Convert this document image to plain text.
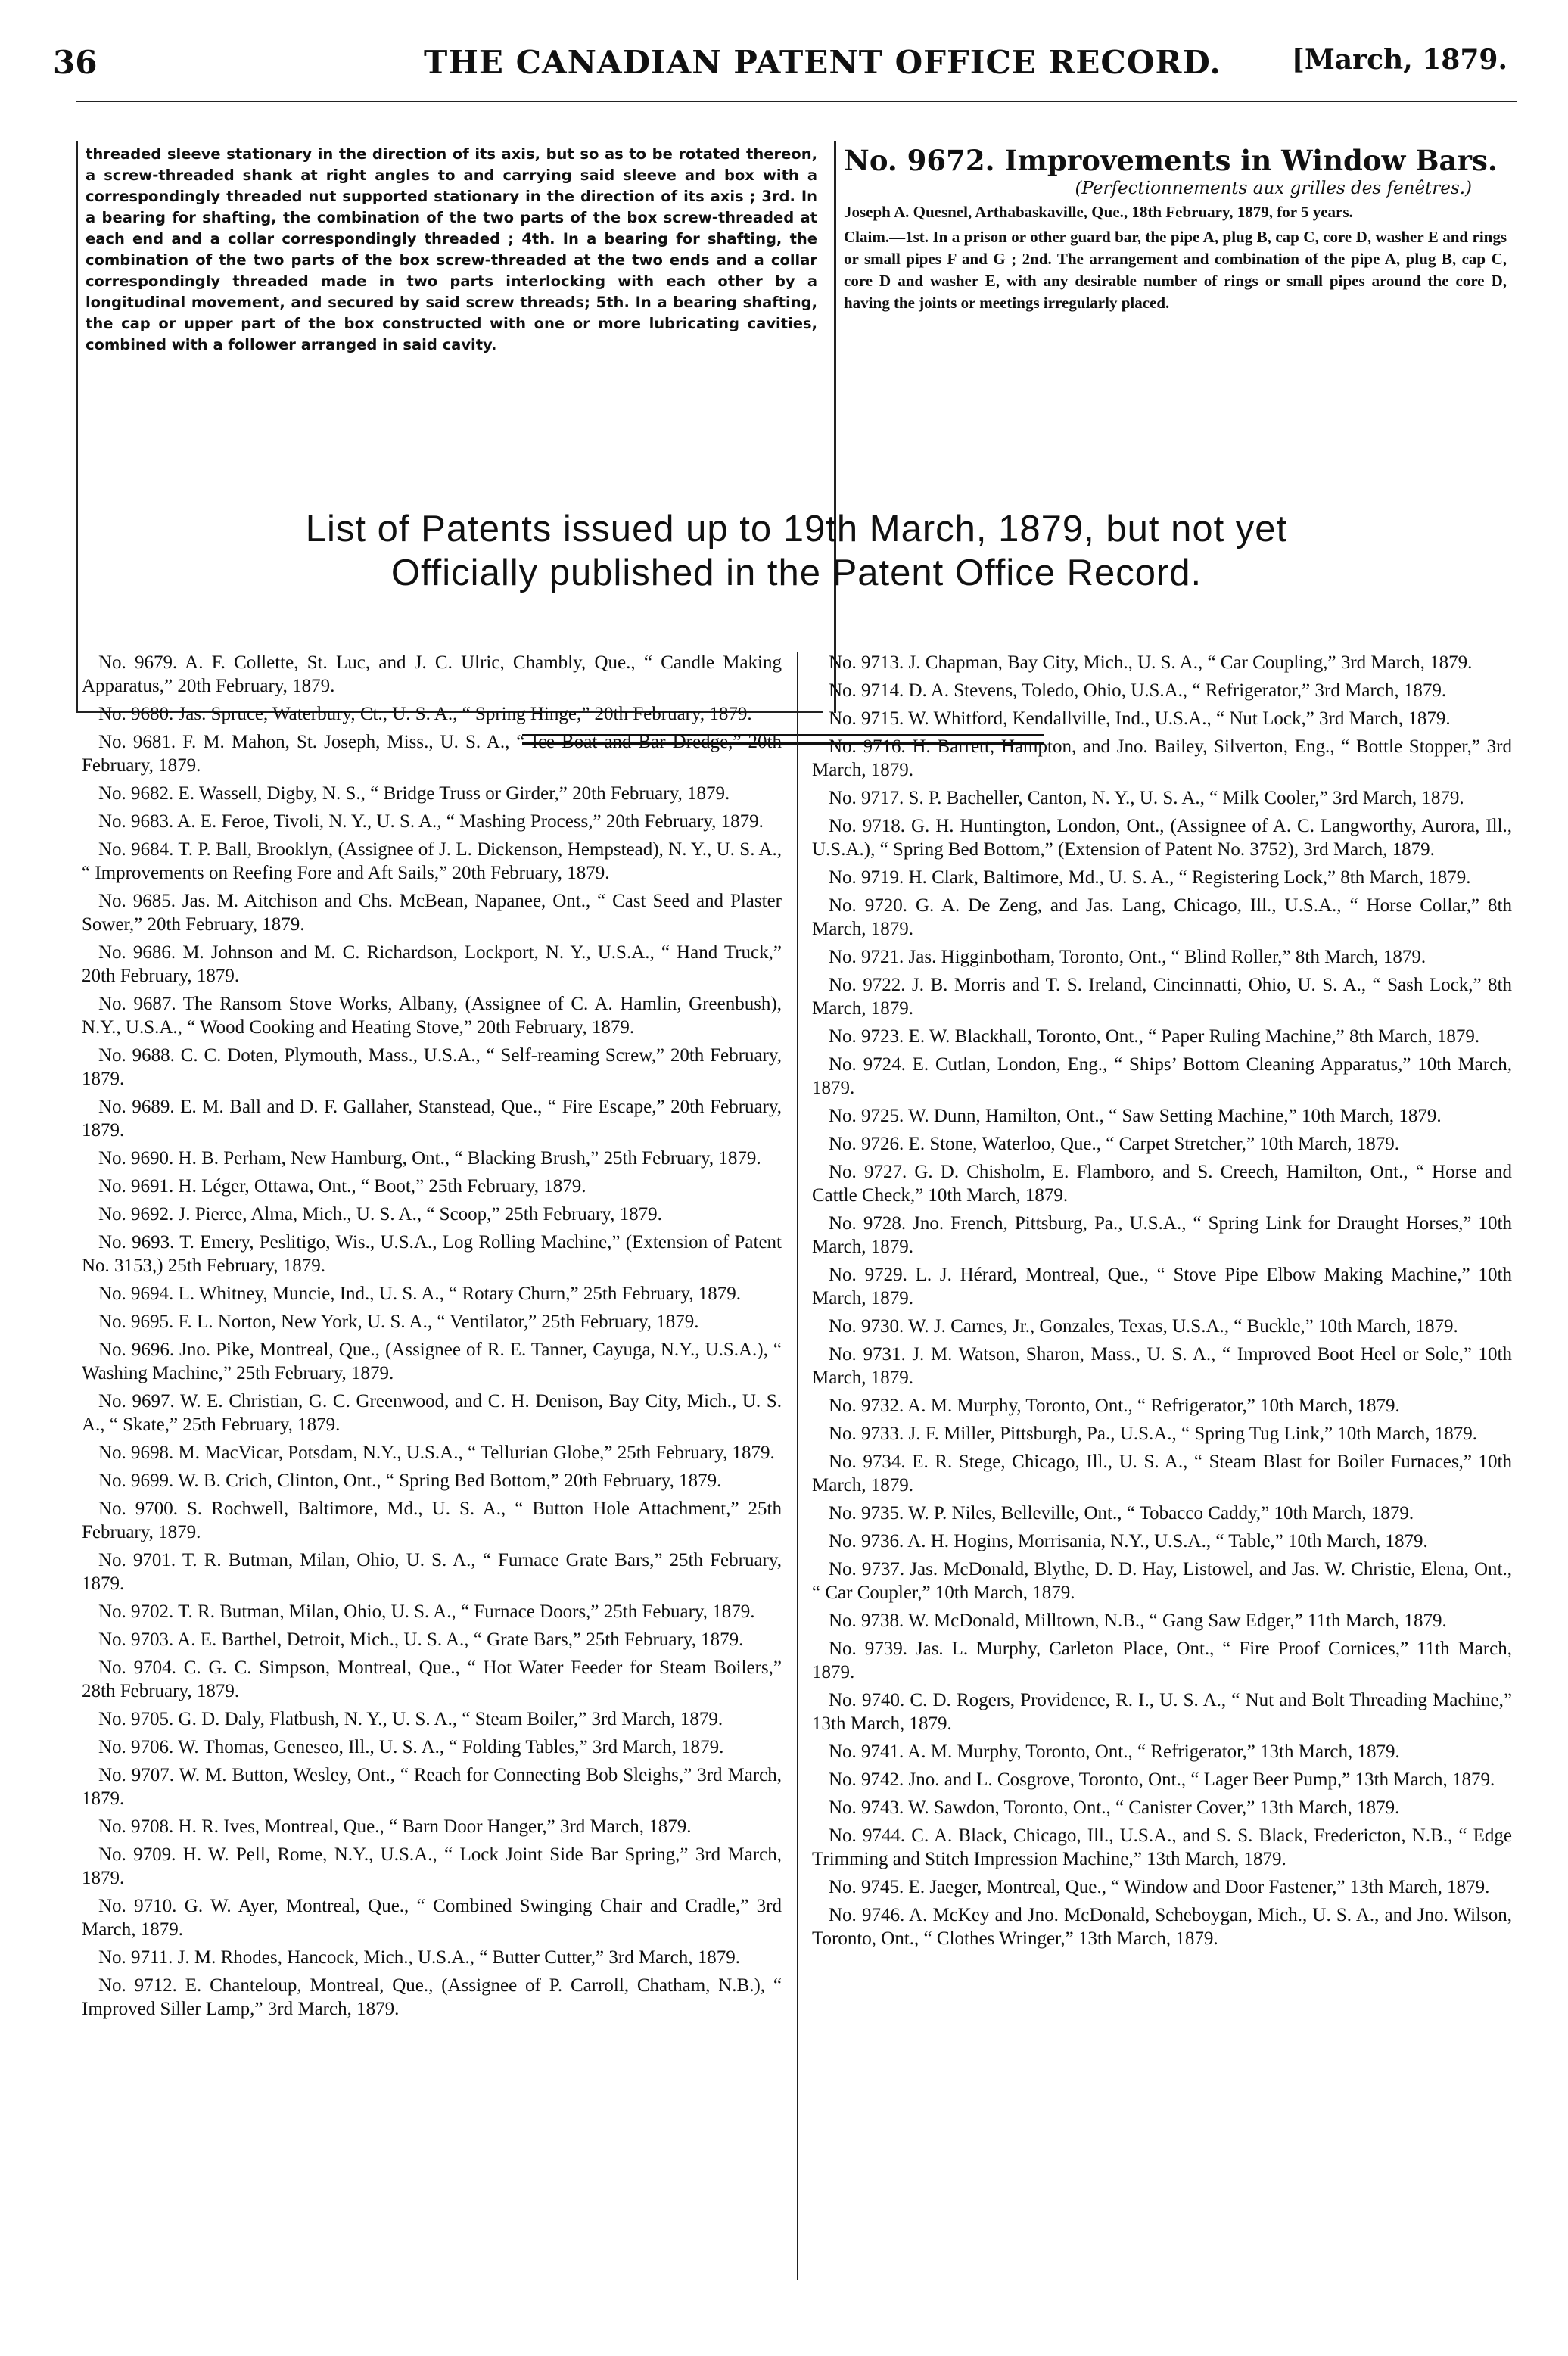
36	THE CANADIAN PATENT OFFICE RECORD.	[March, 1879.
threaded sleeve stationary in the direction of its axis, but so as to be rotated thereon, a screw-threaded shank at right angles to and carrying said sleeve and box with a correspondingly threaded nut supported stationary in the direction of its axis ; 3rd. In a bearing for shafting, the combination of the two parts of the box screw-threaded at each end and a collar correspondingly threaded ; 4th. In a bearing for shafting, the combination of the two parts of the box screw-threaded at the two ends and a collar correspondingly threaded made in two parts interlocking with each other by a longitudinal movement, and secured by said screw threads; 5th. In a bearing shafting, the cap or upper part of the box constructed with one or more lubricating cavities, combined with a follower arranged in said cavity.
No. 9672. Improvements in Window Bars.
(Perfectionnements aux grilles des fenêtres.)
Joseph A. Quesnel, Arthabaskaville, Que., 18th February, 1879, for 5 years.
Claim.—1st. In a prison or other guard bar, the pipe A, plug B, cap C, core D, washer E and rings or small pipes F and G ; 2nd. The arrangement and combination of the pipe A, plug B, cap C, core D and washer E, with any desirable number of rings or small pipes around the core D, having the joints or meetings irregularly placed.
List of Patents issued up to 19th March, 1879, but not yet
Officially published in the Patent Office Record.
No. 9679. A. F. Collette, St. Luc, and J. C. Ulric, Chambly, Que., “ Candle Making Apparatus,” 20th February, 1879.
No. 9680. Jas. Spruce, Waterbury, Ct., U. S. A., “ Spring Hinge,” 20th February, 1879.
No. 9681. F. M. Mahon, St. Joseph, Miss., U. S. A., “ Ice Boat and Bar Dredge,” 20th February, 1879.
No. 9682. E. Wassell, Digby, N. S., “ Bridge Truss or Girder,” 20th February, 1879.
No. 9683. A. E. Feroe, Tivoli, N. Y., U. S. A., “ Mashing Process,” 20th February, 1879.
No. 9684. T. P. Ball, Brooklyn, (Assignee of J. L. Dickenson, Hempstead), N. Y., U. S. A., “ Improvements on Reefing Fore and Aft Sails,” 20th February, 1879.
No. 9685. Jas. M. Aitchison and Chs. McBean, Napanee, Ont., “ Cast Seed and Plaster Sower,” 20th February, 1879.
No. 9686. M. Johnson and M. C. Richardson, Lockport, N. Y., U.S.A., “ Hand Truck,” 20th February, 1879.
No. 9687. The Ransom Stove Works, Albany, (Assignee of C. A. Hamlin, Greenbush), N.Y., U.S.A., “ Wood Cooking and Heating Stove,” 20th February, 1879.
No. 9688. C. C. Doten, Plymouth, Mass., U.S.A., “ Self-reaming Screw,” 20th February, 1879.
No. 9689. E. M. Ball and D. F. Gallaher, Stanstead, Que., “ Fire Escape,” 20th February, 1879.
No. 9690. H. B. Perham, New Hamburg, Ont., “ Blacking Brush,” 25th February, 1879.
No. 9691. H. Léger, Ottawa, Ont., “ Boot,” 25th February, 1879.
No. 9692. J. Pierce, Alma, Mich., U. S. A., “ Scoop,” 25th February, 1879.
No. 9693. T. Emery, Peslitigo, Wis., U.S.A., Log Rolling Machine,” (Extension of Patent No. 3153,) 25th February, 1879.
No. 9694. L. Whitney, Muncie, Ind., U. S. A., “ Rotary Churn,” 25th February, 1879.
No. 9695. F. L. Norton, New York, U. S. A., “ Ventilator,” 25th February, 1879.
No. 9696. Jno. Pike, Montreal, Que., (Assignee of R. E. Tanner, Cayuga, N.Y., U.S.A.), “ Washing Machine,” 25th February, 1879.
No. 9697. W. E. Christian, G. C. Greenwood, and C. H. Denison, Bay City, Mich., U. S. A., “ Skate,” 25th February, 1879.
No. 9698. M. MacVicar, Potsdam, N.Y., U.S.A., “ Tellurian Globe,” 25th February, 1879.
No. 9699. W. B. Crich, Clinton, Ont., “ Spring Bed Bottom,” 20th February, 1879.
No. 9700. S. Rochwell, Baltimore, Md., U. S. A., “ Button Hole Attachment,” 25th February, 1879.
No. 9701. T. R. Butman, Milan, Ohio, U. S. A., “ Furnace Grate Bars,” 25th February, 1879.
No. 9702. T. R. Butman, Milan, Ohio, U. S. A., “ Furnace Doors,” 25th Febuary, 1879.
No. 9703. A. E. Barthel, Detroit, Mich., U. S. A., “ Grate Bars,” 25th February, 1879.
No. 9704. C. G. C. Simpson, Montreal, Que., “ Hot Water Feeder for Steam Boilers,” 28th February, 1879.
No. 9705. G. D. Daly, Flatbush, N. Y., U. S. A., “ Steam Boiler,” 3rd March, 1879.
No. 9706. W. Thomas, Geneseo, Ill., U. S. A., “ Folding Tables,” 3rd March, 1879.
No. 9707. W. M. Button, Wesley, Ont., “ Reach for Connecting Bob Sleighs,” 3rd March, 1879.
No. 9708. H. R. Ives, Montreal, Que., “ Barn Door Hanger,” 3rd March, 1879.
No. 9709. H. W. Pell, Rome, N.Y., U.S.A., “ Lock Joint Side Bar Spring,” 3rd March, 1879.
No. 9710. G. W. Ayer, Montreal, Que., “ Combined Swinging Chair and Cradle,” 3rd March, 1879.
No. 9711. J. M. Rhodes, Hancock, Mich., U.S.A., “ Butter Cutter,” 3rd March, 1879.
No. 9712. E. Chanteloup, Montreal, Que., (Assignee of P. Carroll, Chatham, N.B.), “ Improved Siller Lamp,” 3rd March, 1879.
No. 9713. J. Chapman, Bay City, Mich., U. S. A., “ Car Coupling,” 3rd March, 1879.
No. 9714. D. A. Stevens, Toledo, Ohio, U.S.A., “ Refrigerator,” 3rd March, 1879.
No. 9715. W. Whitford, Kendallville, Ind., U.S.A., “ Nut Lock,” 3rd March, 1879.
No. 9716. H. Barrett, Hampton, and Jno. Bailey, Silverton, Eng., “ Bottle Stopper,” 3rd March, 1879.
No. 9717. S. P. Bacheller, Canton, N. Y., U. S. A., “ Milk Cooler,” 3rd March, 1879.
No. 9718. G. H. Huntington, London, Ont., (Assignee of A. C. Langworthy, Aurora, Ill., U.S.A.), “ Spring Bed Bottom,” (Extension of Patent No. 3752), 3rd March, 1879.
No. 9719. H. Clark, Baltimore, Md., U. S. A., “ Registering Lock,” 8th March, 1879.
No. 9720. G. A. De Zeng, and Jas. Lang, Chicago, Ill., U.S.A., “ Horse Collar,” 8th March, 1879.
No. 9721. Jas. Higginbotham, Toronto, Ont., “ Blind Roller,” 8th March, 1879.
No. 9722. J. B. Morris and T. S. Ireland, Cincinnatti, Ohio, U. S. A., “ Sash Lock,” 8th March, 1879.
No. 9723. E. W. Blackhall, Toronto, Ont., “ Paper Ruling Machine,” 8th March, 1879.
No. 9724. E. Cutlan, London, Eng., “ Ships’ Bottom Cleaning Apparatus,” 10th March, 1879.
No. 9725. W. Dunn, Hamilton, Ont., “ Saw Setting Machine,” 10th March, 1879.
No. 9726. E. Stone, Waterloo, Que., “ Carpet Stretcher,” 10th March, 1879.
No. 9727. G. D. Chisholm, E. Flamboro, and S. Creech, Hamilton, Ont., “ Horse and Cattle Check,” 10th March, 1879.
No. 9728. Jno. French, Pittsburg, Pa., U.S.A., “ Spring Link for Draught Horses,” 10th March, 1879.
No. 9729. L. J. Hérard, Montreal, Que., “ Stove Pipe Elbow Making Machine,” 10th March, 1879.
No. 9730. W. J. Carnes, Jr., Gonzales, Texas, U.S.A., “ Buckle,” 10th March, 1879.
No. 9731. J. M. Watson, Sharon, Mass., U. S. A., “ Improved Boot Heel or Sole,” 10th March, 1879.
No. 9732. A. M. Murphy, Toronto, Ont., “ Refrigerator,” 10th March, 1879.
No. 9733. J. F. Miller, Pittsburgh, Pa., U.S.A., “ Spring Tug Link,” 10th March, 1879.
No. 9734. E. R. Stege, Chicago, Ill., U. S. A., “ Steam Blast for Boiler Furnaces,” 10th March, 1879.
No. 9735. W. P. Niles, Belleville, Ont., “ Tobacco Caddy,” 10th March, 1879.
No. 9736. A. H. Hogins, Morrisania, N.Y., U.S.A., “ Table,” 10th March, 1879.
No. 9737. Jas. McDonald, Blythe, D. D. Hay, Listowel, and Jas. W. Christie, Elena, Ont., “ Car Coupler,” 10th March, 1879.
No. 9738. W. McDonald, Milltown, N.B., “ Gang Saw Edger,” 11th March, 1879.
No. 9739. Jas. L. Murphy, Carleton Place, Ont., “ Fire Proof Cornices,” 11th March, 1879.
No. 9740. C. D. Rogers, Providence, R. I., U. S. A., “ Nut and Bolt Threading Machine,” 13th March, 1879.
No. 9741. A. M. Murphy, Toronto, Ont., “ Refrigerator,” 13th March, 1879.
No. 9742. Jno. and L. Cosgrove, Toronto, Ont., “ Lager Beer Pump,” 13th March, 1879.
No. 9743. W. Sawdon, Toronto, Ont., “ Canister Cover,” 13th March, 1879.
No. 9744. C. A. Black, Chicago, Ill., U.S.A., and S. S. Black, Fredericton, N.B., “ Edge Trimming and Stitch Impression Machine,” 13th March, 1879.
No. 9745. E. Jaeger, Montreal, Que., “ Window and Door Fastener,” 13th March, 1879.
No. 9746. A. McKey and Jno. McDonald, Scheboygan, Mich., U. S. A., and Jno. Wilson, Toronto, Ont., “ Clothes Wringer,” 13th March, 1879.
